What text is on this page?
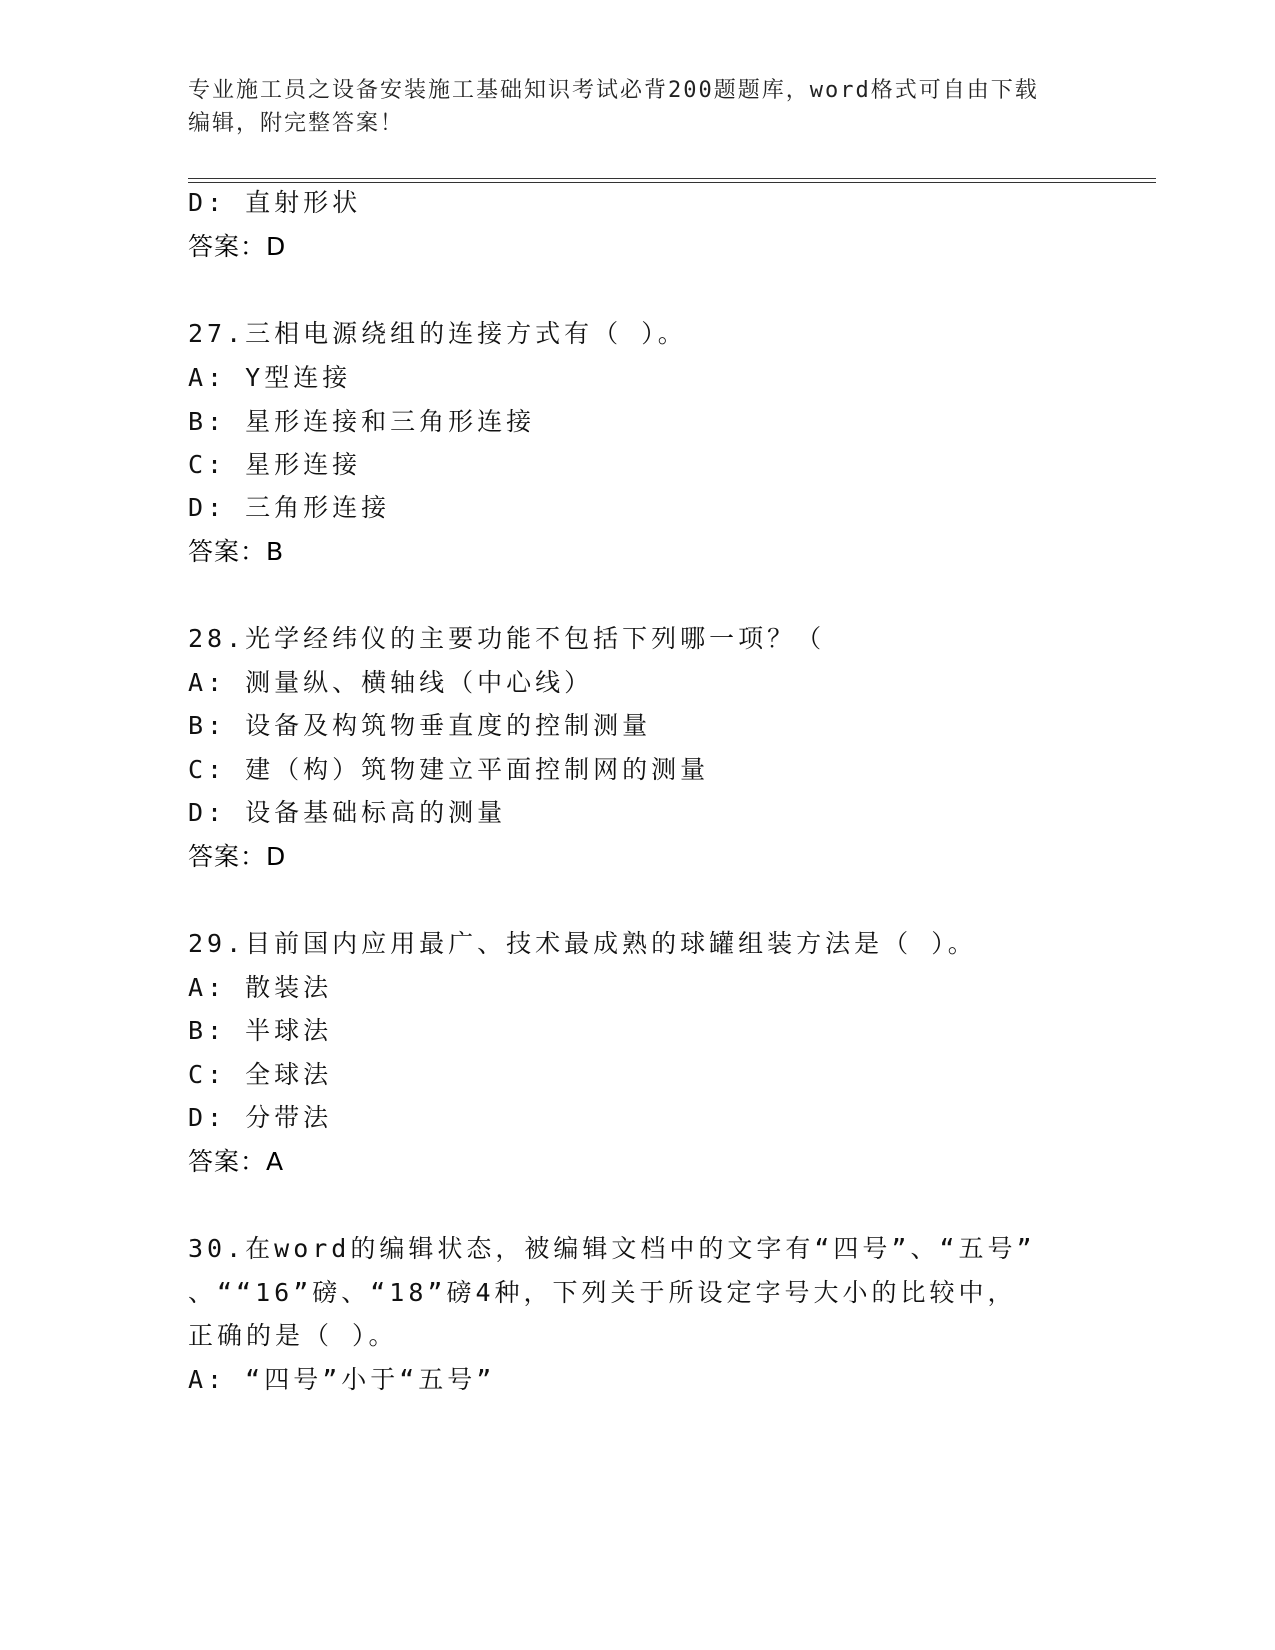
专业施工员之设备安装施工基础知识考试必背200题题库，word格式可自由下载
编辑，附完整答案！
D: 直射形状
答案：D
27.三相电源绕组的连接方式有（ ）。
A: Y型连接
B: 星形连接和三角形连接
C: 星形连接
D: 三角形连接
答案：B
28.光学经纬仪的主要功能不包括下列哪一项？（
A: 测量纵、横轴线（中心线）
B: 设备及构筑物垂直度的控制测量
C: 建（构）筑物建立平面控制网的测量
D: 设备基础标高的测量
答案：D
29.目前国内应用最广、技术最成熟的球罐组装方法是（ ）。
A: 散装法
B: 半球法
C: 全球法
D: 分带法
答案：A
30.在word的编辑状态，被编辑文档中的文字有“四号”、“五号”
、““16”磅、“18”磅4种，下列关于所设定字号大小的比较中，
正确的是（ ）。
A: “四号”小于“五号”
